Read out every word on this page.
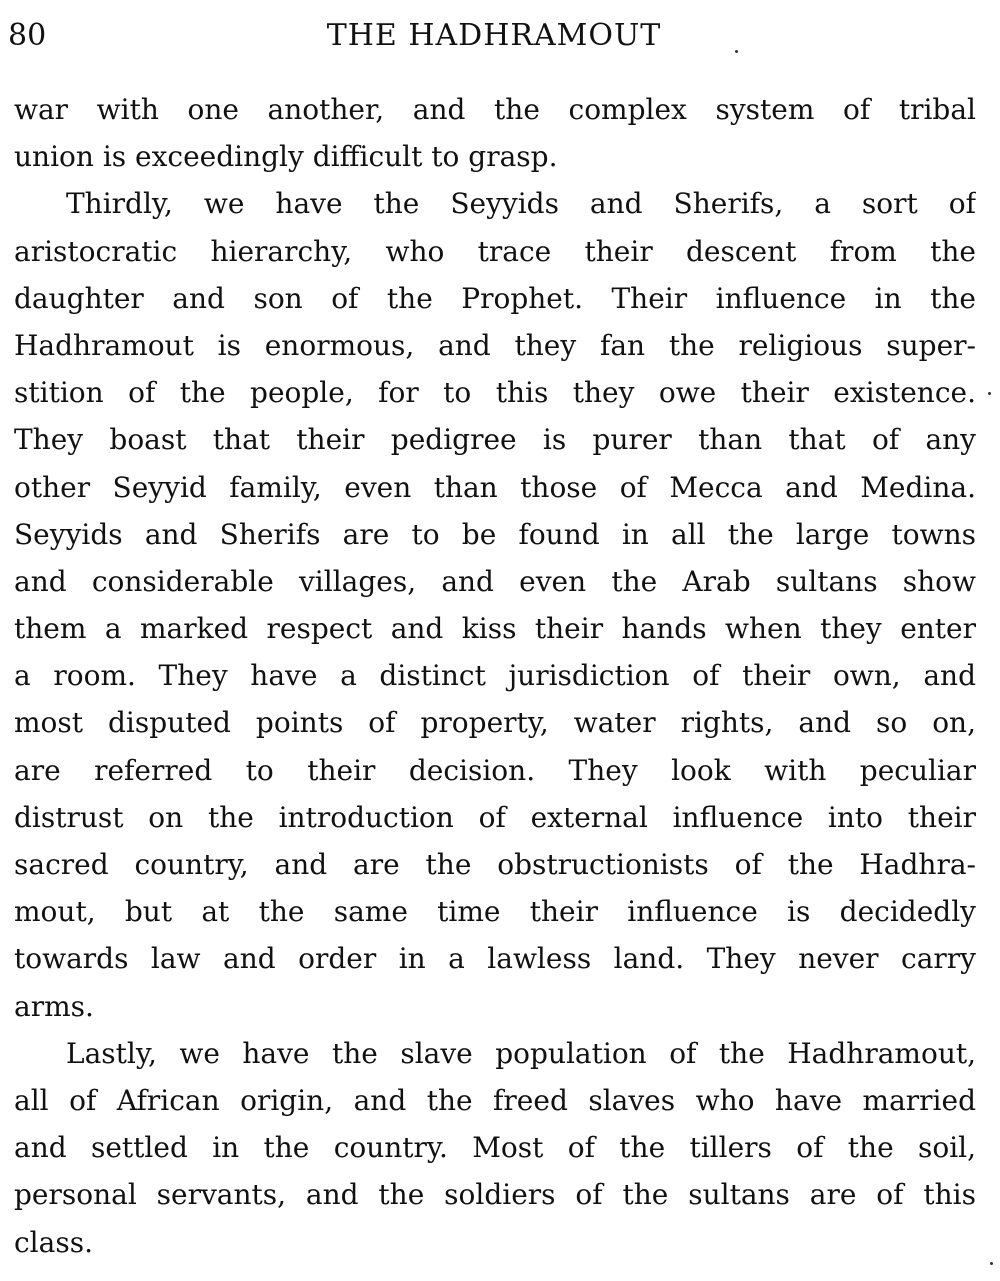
80	THE HADHRAMOUT
war with one another, and the complex system of tribal
union is exceedingly difficult to grasp.
Thirdly, we have the Seyyids and Sherifs, a sort of
aristocratic hierarchy, who trace their descent from the
daughter and son of the Prophet. Their influence in the
Hadhramout is enormous, and they fan the religious super-
stition of the people, for to this they owe their existence.
They boast that their pedigree is purer than that of any
other Seyyid family, even than those of Mecca and Medina.
Seyyids and Sherifs are to be found in all the large towns
and considerable villages, and even the Arab sultans show
them a marked respect and kiss their hands when they enter
a room. They have a distinct jurisdiction of their own, and
most disputed points of property, water rights, and so on,
are referred to their decision. They look with peculiar
distrust on the introduction of external influence into their
sacred country, and are the obstructionists of the Hadhra-
mout, but at the same time their influence is decidedly
towards law and order in a lawless land. They never carry
arms.
Lastly, we have the slave population of the Hadhramout,
all of African origin, and the freed slaves who have married
and settled in the country. Most of the tillers of the soil,
personal servants, and the soldiers of the sultans are of this
class.
